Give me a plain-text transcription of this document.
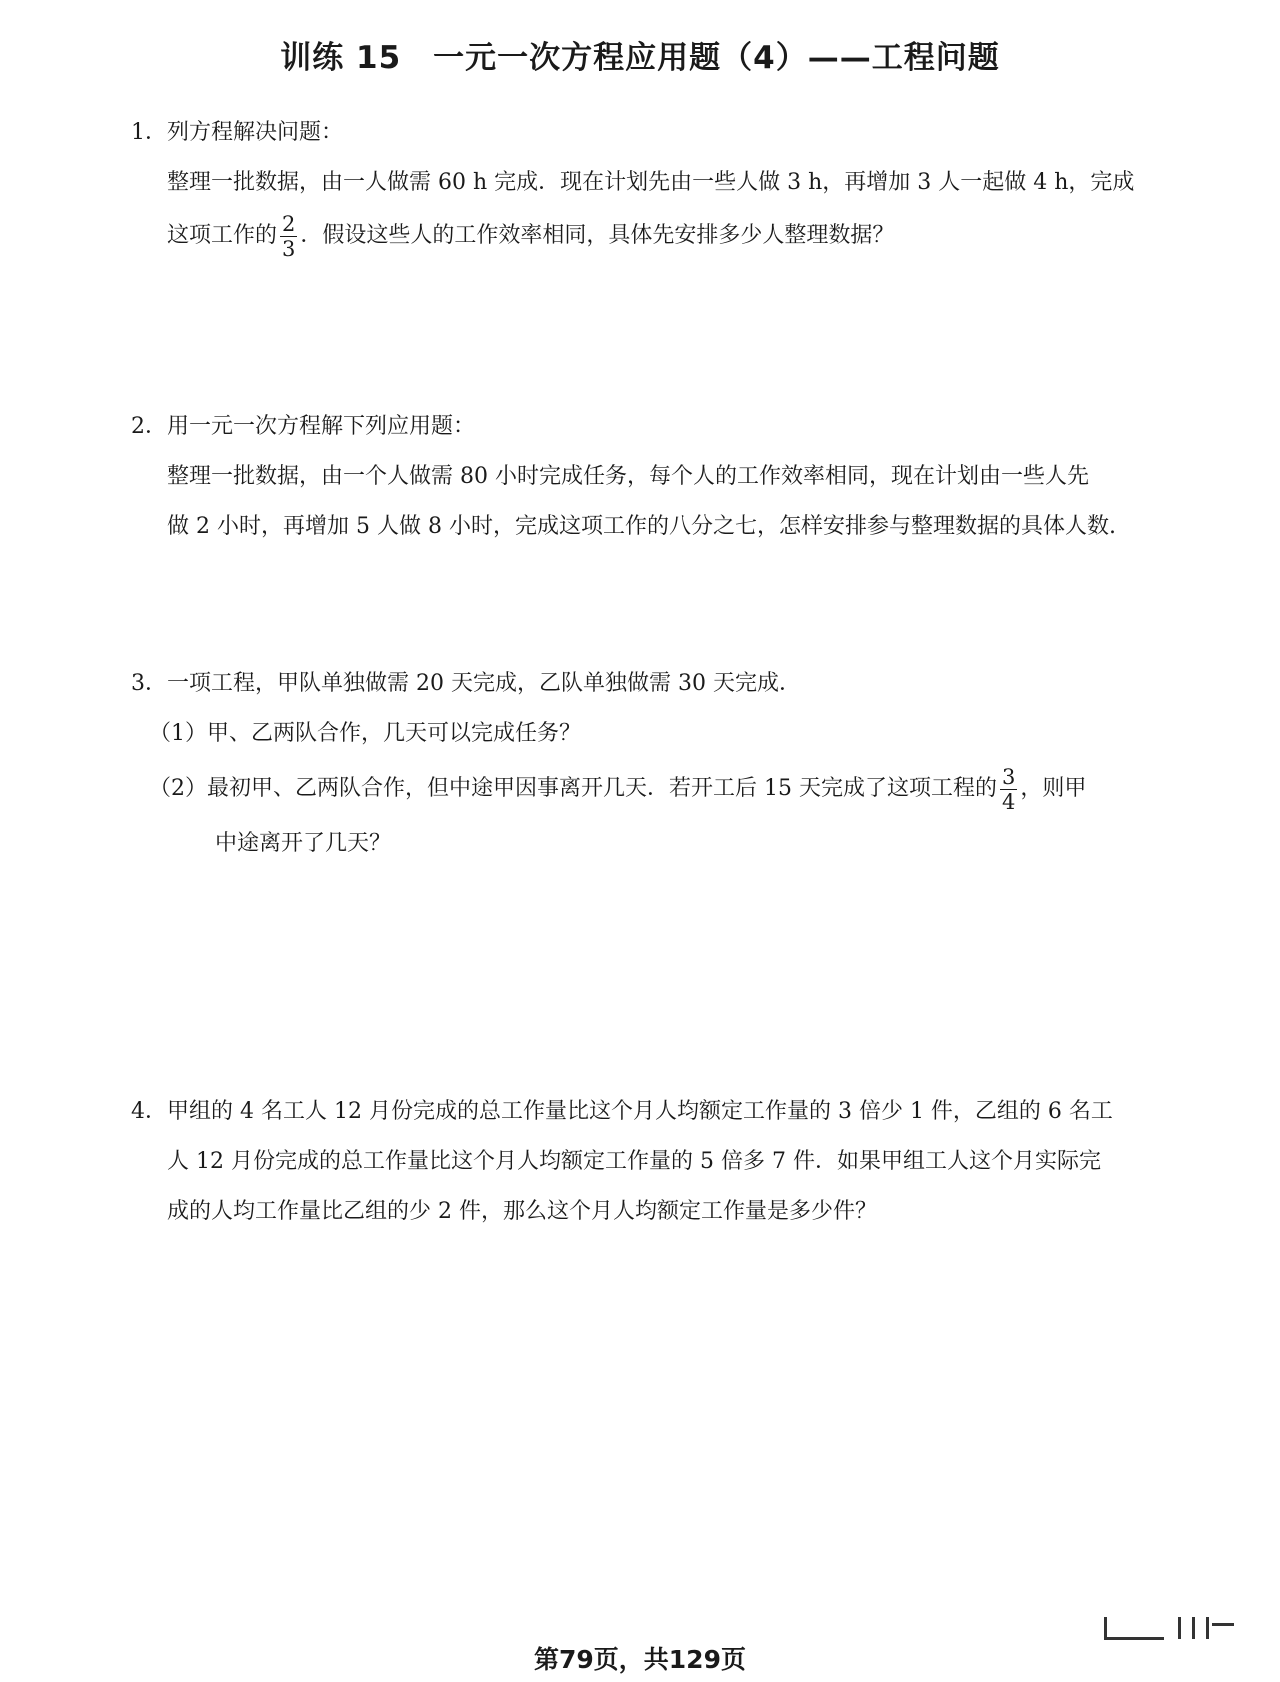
训练 15　一元一次方程应用题（4）——工程问题
1．列方程解决问题：
整理一批数据，由一人做需 60 h 完成．现在计划先由一些人做 3 h，再增加 3 人一起做 4 h，完成
这项工作的 $\frac{2}{3}$ ．假设这些人的工作效率相同，具体先安排多少人整理数据？
2．用一元一次方程解下列应用题：
整理一批数据，由一个人做需 80 小时完成任务，每个人的工作效率相同，现在计划由一些人先
做 2 小时，再增加 5 人做 8 小时，完成这项工作的八分之七，怎样安排参与整理数据的具体人数.
3．一项工程，甲队单独做需 20 天完成，乙队单独做需 30 天完成．
（1）甲、乙两队合作，几天可以完成任务？
（2）最初甲、乙两队合作，但中途甲因事离开几天．若开工后 15 天完成了这项工程的 $\frac{3}{4}$ ，则甲
中途离开了几天？
4．甲组的 4 名工人 12 月份完成的总工作量比这个月人均额定工作量的 3 倍少 1 件，乙组的 6 名工
人 12 月份完成的总工作量比这个月人均额定工作量的 5 倍多 7 件．如果甲组工人这个月实际完
成的人均工作量比乙组的少 2 件，那么这个月人均额定工作量是多少件？
第79页，共129页
